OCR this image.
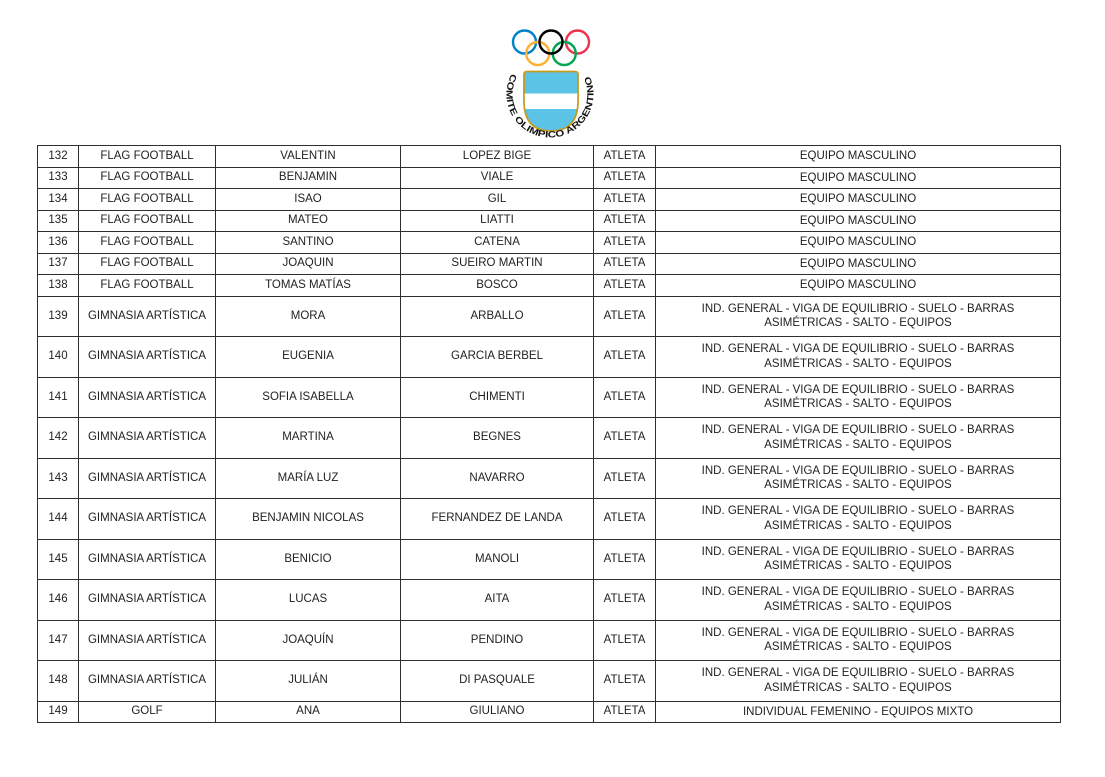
COMITE OLIMPICO ARGENTINO
132	FLAG FOOTBALL	VALENTIN	LOPEZ BIGE	ATLETA	EQUIPO MASCULINO

133	FLAG FOOTBALL	BENJAMIN	VIALE	ATLETA	EQUIPO MASCULINO

134	FLAG FOOTBALL	ISAO	GIL	ATLETA	EQUIPO MASCULINO

135	FLAG FOOTBALL	MATEO	LIATTI	ATLETA	EQUIPO MASCULINO

136	FLAG FOOTBALL	SANTINO	CATENA	ATLETA	EQUIPO MASCULINO

137	FLAG FOOTBALL	JOAQUIN	SUEIRO MARTIN	ATLETA	EQUIPO MASCULINO

138	FLAG FOOTBALL	TOMAS MATÍAS	BOSCO	ATLETA	EQUIPO MASCULINO

139	GIMNASIA ARTÍSTICA	MORA	ARBALLO	ATLETA	IND. GENERAL - VIGA DE EQUILIBRIO - SUELO - BARRAS ASIMÉTRICAS - SALTO - EQUIPOS

140	GIMNASIA ARTÍSTICA	EUGENIA	GARCIA BERBEL	ATLETA	IND. GENERAL - VIGA DE EQUILIBRIO - SUELO - BARRAS ASIMÉTRICAS - SALTO - EQUIPOS

141	GIMNASIA ARTÍSTICA	SOFIA ISABELLA	CHIMENTI	ATLETA	IND. GENERAL - VIGA DE EQUILIBRIO - SUELO - BARRAS ASIMÉTRICAS - SALTO - EQUIPOS

142	GIMNASIA ARTÍSTICA	MARTINA	BEGNES	ATLETA	IND. GENERAL - VIGA DE EQUILIBRIO - SUELO - BARRAS ASIMÉTRICAS - SALTO - EQUIPOS

143	GIMNASIA ARTÍSTICA	MARÍA LUZ	NAVARRO	ATLETA	IND. GENERAL - VIGA DE EQUILIBRIO - SUELO - BARRAS ASIMÉTRICAS - SALTO - EQUIPOS

144	GIMNASIA ARTÍSTICA	BENJAMIN NICOLAS	FERNANDEZ DE LANDA	ATLETA	IND. GENERAL - VIGA DE EQUILIBRIO - SUELO - BARRAS ASIMÉTRICAS - SALTO - EQUIPOS

145	GIMNASIA ARTÍSTICA	BENICIO	MANOLI	ATLETA	IND. GENERAL - VIGA DE EQUILIBRIO - SUELO - BARRAS ASIMÉTRICAS - SALTO - EQUIPOS

146	GIMNASIA ARTÍSTICA	LUCAS	AITA	ATLETA	IND. GENERAL - VIGA DE EQUILIBRIO - SUELO - BARRAS ASIMÉTRICAS - SALTO - EQUIPOS

147	GIMNASIA ARTÍSTICA	JOAQUÍN	PENDINO	ATLETA	IND. GENERAL - VIGA DE EQUILIBRIO - SUELO - BARRAS ASIMÉTRICAS - SALTO - EQUIPOS

148	GIMNASIA ARTÍSTICA	JULIÁN	DI PASQUALE	ATLETA	IND. GENERAL - VIGA DE EQUILIBRIO - SUELO - BARRAS ASIMÉTRICAS - SALTO - EQUIPOS

149	GOLF	ANA	GIULIANO	ATLETA	INDIVIDUAL FEMENINO - EQUIPOS MIXTO
